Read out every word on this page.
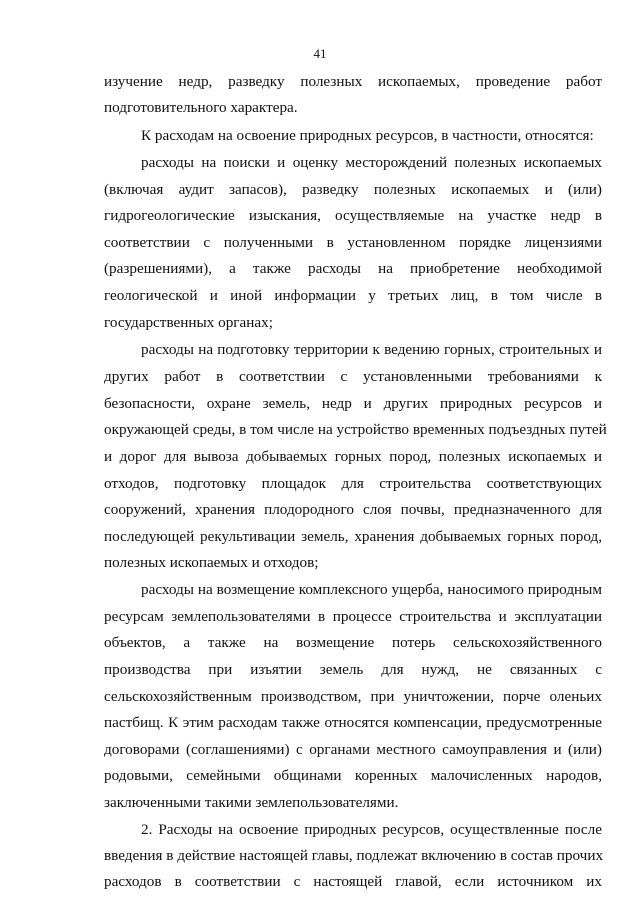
41
изучение недр, разведку полезных ископаемых, проведение работ
подготовительного характера.
К расходам на освоение природных ресурсов, в частности, относятся:
расходы на поиски и оценку месторождений полезных ископаемых
(включая аудит запасов), разведку полезных ископаемых и (или)
гидрогеологические изыскания, осуществляемые на участке недр в
соответствии с полученными в установленном порядке лицензиями
(разрешениями), а также расходы на приобретение необходимой
геологической и иной информации у третьих лиц, в том числе в
государственных органах;
расходы на подготовку территории к ведению горных, строительных и
других работ в соответствии с установленными требованиями к
безопасности, охране земель, недр и других природных ресурсов и
окружающей среды, в том числе на устройство временных подъездных путей
и дорог для вывоза добываемых горных пород, полезных ископаемых и
отходов, подготовку площадок для строительства соответствующих
сооружений, хранения плодородного слоя почвы, предназначенного для
последующей рекультивации земель, хранения добываемых горных пород,
полезных ископаемых и отходов;
расходы на возмещение комплексного ущерба, наносимого природным
ресурсам землепользователями в процессе строительства и эксплуатации
объектов, а также на возмещение потерь сельскохозяйственного
производства при изъятии земель для нужд, не связанных с
сельскохозяйственным производством, при уничтожении, порче оленьих
пастбищ. К этим расходам также относятся компенсации, предусмотренные
договорами (соглашениями) с органами местного самоуправления и (или)
родовыми, семейными общинами коренных малочисленных народов,
заключенными такими землепользователями.
2. Расходы на освоение природных ресурсов, осуществленные после
введения в действие настоящей главы, подлежат включению в состав прочих
расходов в соответствии с настоящей главой, если источником их
